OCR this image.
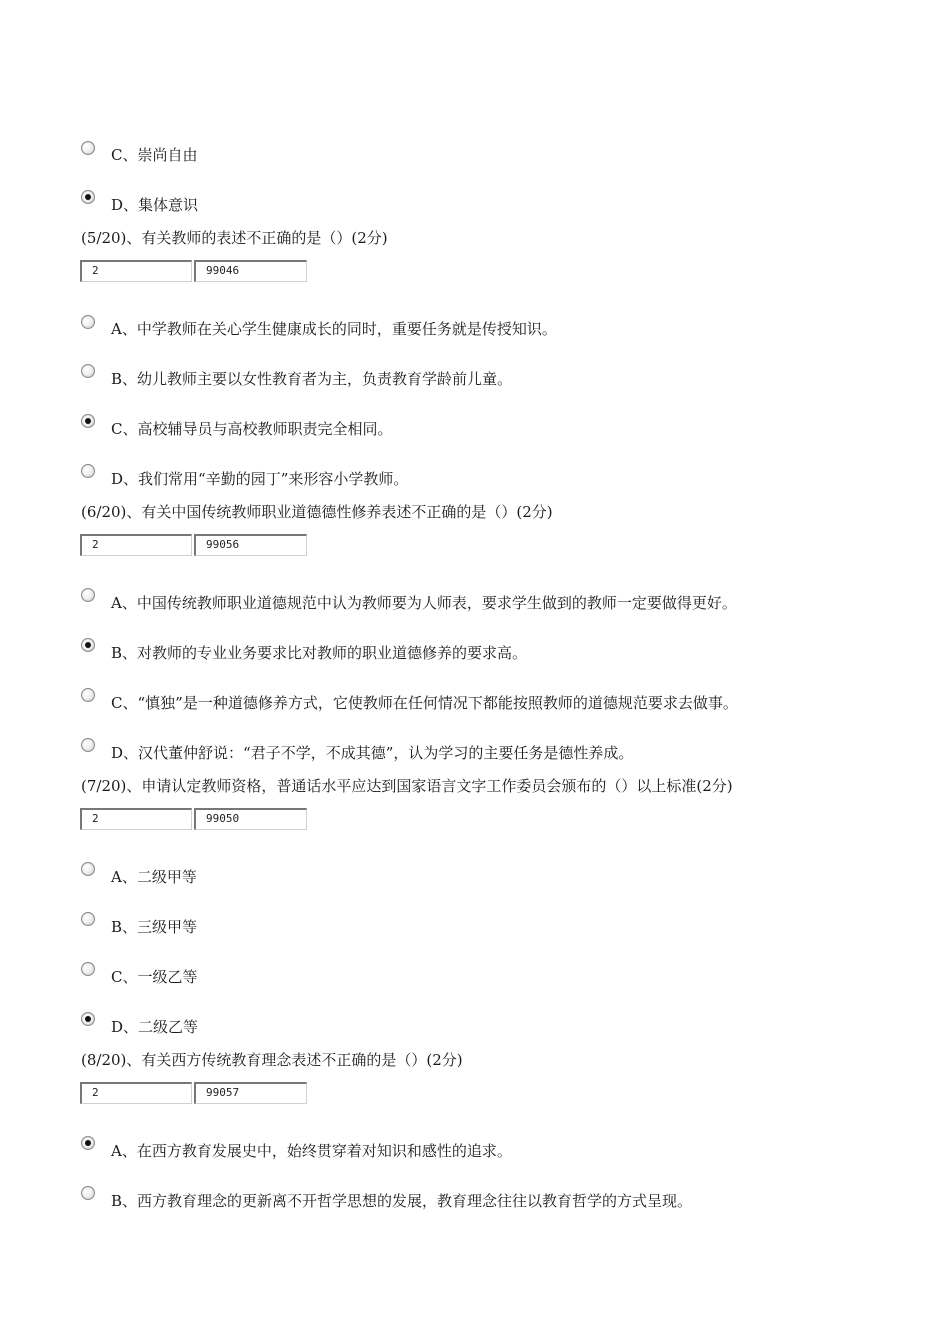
C、崇尚自由
D、集体意识
(5/20)、有关教师的表述不正确的是（）(2分)
2	99046
A、中学教师在关心学生健康成长的同时，重要任务就是传授知识。
B、幼儿教师主要以女性教育者为主，负责教育学龄前儿童。
C、高校辅导员与高校教师职责完全相同。
D、我们常用“辛勤的园丁”来形容小学教师。
(6/20)、有关中国传统教师职业道德德性修养表述不正确的是（）(2分)
2	99056
A、中国传统教师职业道德规范中认为教师要为人师表，要求学生做到的教师一定要做得更好。
B、对教师的专业业务要求比对教师的职业道德修养的要求高。
C、“慎独”是一种道德修养方式，它使教师在任何情况下都能按照教师的道德规范要求去做事。
D、汉代董仲舒说：“君子不学，不成其德”，认为学习的主要任务是德性养成。
(7/20)、申请认定教师资格，普通话水平应达到国家语言文字工作委员会颁布的（）以上标准(2分)
2	99050
A、二级甲等
B、三级甲等
C、一级乙等
D、二级乙等
(8/20)、有关西方传统教育理念表述不正确的是（）(2分)
2	99057
A、在西方教育发展史中，始终贯穿着对知识和感性的追求。
B、西方教育理念的更新离不开哲学思想的发展，教育理念往往以教育哲学的方式呈现。
